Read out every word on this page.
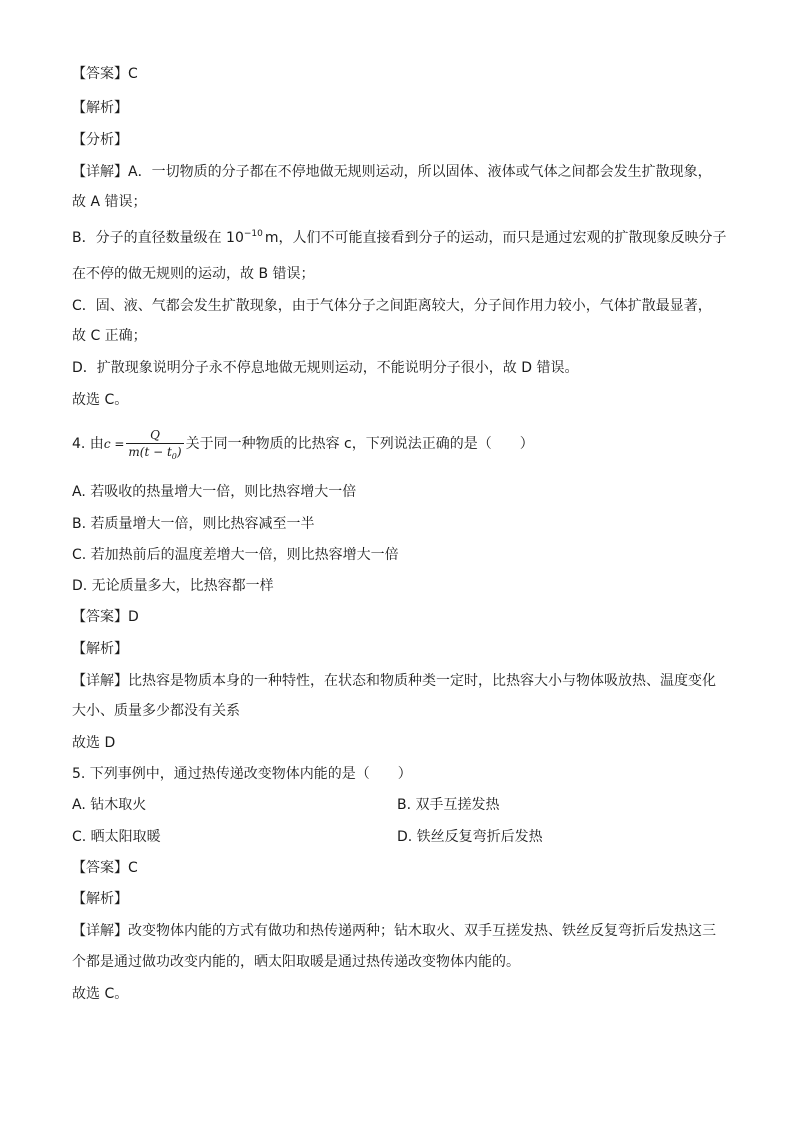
【答案】C
【解析】
【分析】
【详解】A．一切物质的分子都在不停地做无规则运动，所以固体、液体或气体之间都会发生扩散现象，
故 A 错误；
B．分子的直径数量级在 $10^{-10}$ m，人们不可能直接看到分子的运动，而只是通过宏观的扩散现象反映分子
在不停的做无规则的运动，故 B 错误；
C．固、液、气都会发生扩散现象，由于气体分子之间距离较大，分子间作用力较小，气体扩散最显著，
故 C 正确；
D．扩散现象说明分子永不停息地做无规则运动，不能说明分子很小，故 D 错误。
故选 C。
4. 由$c = \frac{Q}{m(t - t_0)}$ 关于同一种物质的比热容 c，下列说法正确的是（　　）
A. 若吸收的热量增大一倍，则比热容增大一倍
B. 若质量增大一倍，则比热容减至一半
C. 若加热前后的温度差增大一倍，则比热容增大一倍
D. 无论质量多大，比热容都一样
【答案】D
【解析】
【详解】比热容是物质本身的一种特性，在状态和物质种类一定时，比热容大小与物体吸放热、温度变化
大小、质量多少都没有关系
故选 D
5. 下列事例中，通过热传递改变物体内能的是（　　）
A. 钻木取火	B. 双手互搓发热
C. 晒太阳取暖	D. 铁丝反复弯折后发热
【答案】C
【解析】
【详解】改变物体内能的方式有做功和热传递两种；钻木取火、双手互搓发热、铁丝反复弯折后发热这三
个都是通过做功改变内能的，晒太阳取暖是通过热传递改变物体内能的。
故选 C。
